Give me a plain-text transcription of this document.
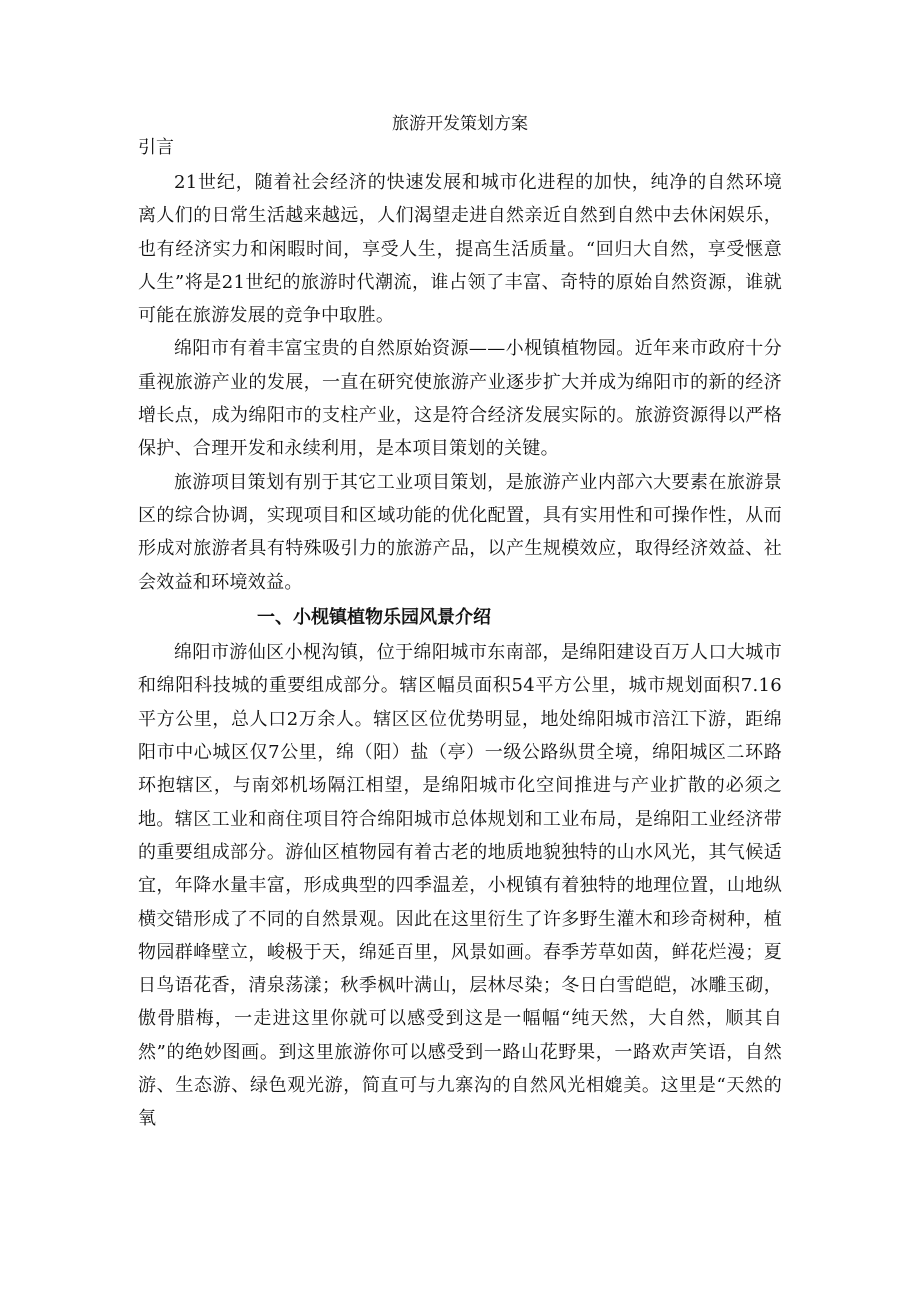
旅游开发策划方案

引言

21世纪，随着社会经济的快速发展和城市化进程的加快，纯净的自然环境离人们的日常生活越来越远，人们渴望走进自然亲近自然到自然中去休闲娱乐，也有经济实力和闲暇时间，享受人生，提高生活质量。“回归大自然，享受惬意人生”将是21世纪的旅游时代潮流，谁占领了丰富、奇特的原始自然资源，谁就可能在旅游发展的竞争中取胜。

绵阳市有着丰富宝贵的自然原始资源——小枧镇植物园。近年来市政府十分重视旅游产业的发展，一直在研究使旅游产业逐步扩大并成为绵阳市的新的经济增长点，成为绵阳市的支柱产业，这是符合经济发展实际的。旅游资源得以严格保护、合理开发和永续利用，是本项目策划的关键。

旅游项目策划有别于其它工业项目策划，是旅游产业内部六大要素在旅游景区的综合协调，实现项目和区域功能的优化配置，具有实用性和可操作性，从而形成对旅游者具有特殊吸引力的旅游产品，以产生规模效应，取得经济效益、社会效益和环境效益。

一、小枧镇植物乐园风景介绍

绵阳市游仙区小枧沟镇，位于绵阳城市东南部，是绵阳建设百万人口大城市和绵阳科技城的重要组成部分。辖区幅员面积54平方公里，城市规划面积7.16平方公里，总人口2万余人。辖区区位优势明显，地处绵阳城市涪江下游，距绵阳市中心城区仅7公里，绵（阳）盐（亭）一级公路纵贯全境，绵阳城区二环路环抱辖区，与南郊机场隔江相望，是绵阳城市化空间推进与产业扩散的必须之地。辖区工业和商住项目符合绵阳城市总体规划和工业布局，是绵阳工业经济带的重要组成部分。游仙区植物园有着古老的地质地貌独特的山水风光，其气候适宜，年降水量丰富，形成典型的四季温差，小枧镇有着独特的地理位置，山地纵横交错形成了不同的自然景观。因此在这里衍生了许多野生灌木和珍奇树种，植物园群峰壁立，峻极于天，绵延百里，风景如画。春季芳草如茵，鲜花烂漫；夏日鸟语花香，清泉荡漾；秋季枫叶满山，层林尽染；冬日白雪皑皑，冰雕玉砌，傲骨腊梅，一走进这里你就可以感受到这是一幅幅“纯天然，大自然，顺其自然”的绝妙图画。到这里旅游你可以感受到一路山花野果，一路欢声笑语，自然游、生态游、绿色观光游，简直可与九寨沟的自然风光相媲美。这里是“天然的氧
